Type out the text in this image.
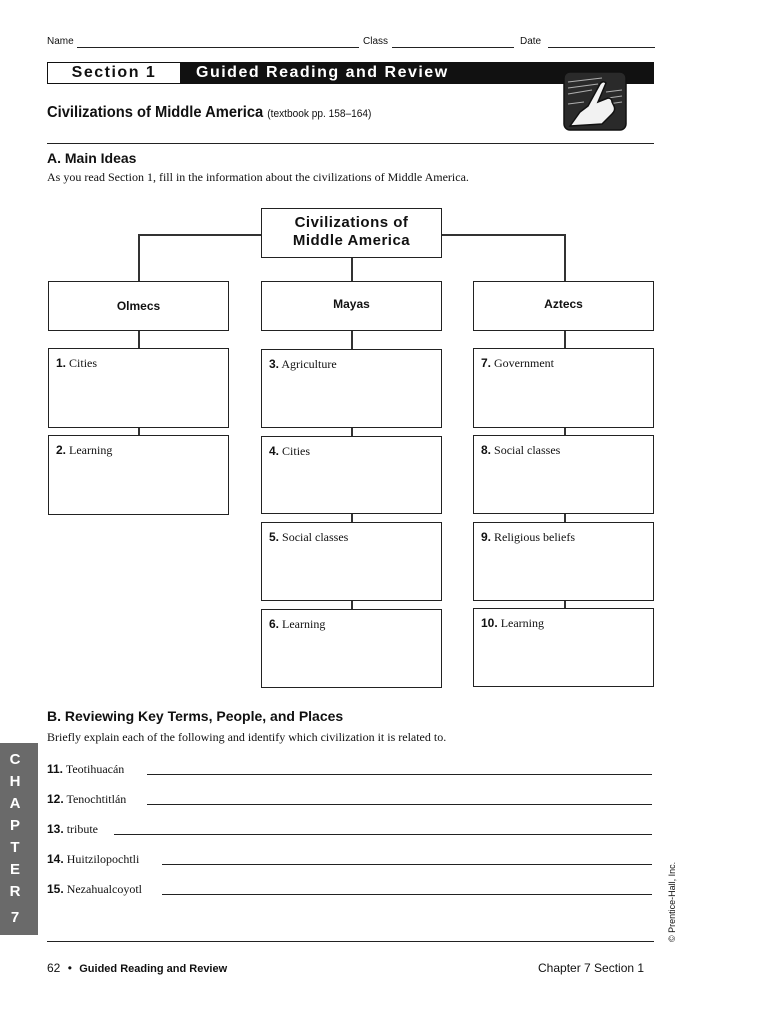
Name	Class	Date
Section 1	Guided Reading and Review
Civilizations of Middle America (textbook pp. 158–164)
A. Main Ideas
As you read Section 1, fill in the information about the civilizations of Middle America.
Civilizations of
Middle America
Olmecs	Mayas	Aztecs
1. Cities
2. Learning
3. Agriculture
4. Cities
5. Social classes
6. Learning
7. Government
8. Social classes
9. Religious beliefs
10. Learning
B. Reviewing Key Terms, People, and Places
Briefly explain each of the following and identify which civilization it is related to.
11. Teotihuacán
12. Tenochtitlán
13. tribute
14. Huitzilopochtli
15. Nezahualcoyotl	© Prentice-Hall, Inc.
62 • Guided Reading and Review	Chapter 7 Section 1
C
H
A
P
T
E
R
7
